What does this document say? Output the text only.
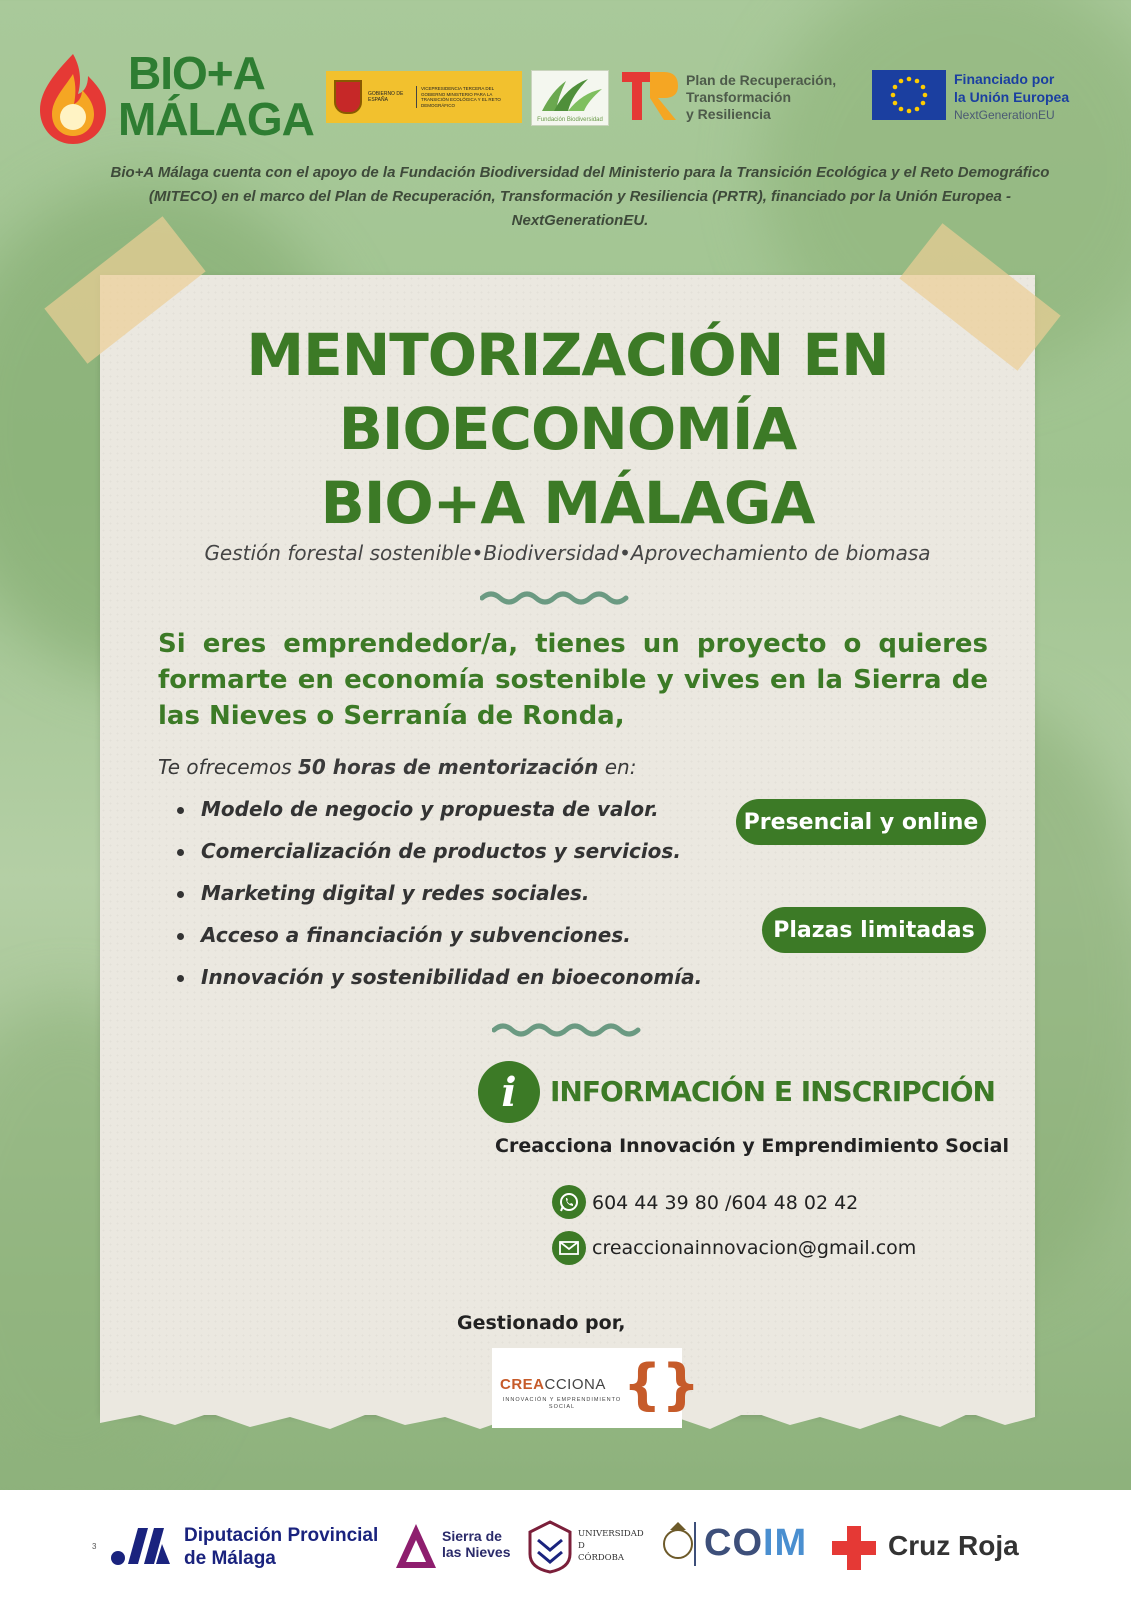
BIO+A
MÁLAGA	GOBIERNO DE ESPAÑA
VICEPRESIDENCIA TERCERA DEL GOBIERNO MINISTERIO PARA LA TRANSICIÓN ECOLÓGICA Y EL RETO DEMOGRÁFICO
Fundación Biodiversidad
Plan de Recuperación,
Transformación
y Resiliencia
Financiado por
la Unión Europea
NextGenerationEU
Bio+A Málaga cuenta con el apoyo de la Fundación Biodiversidad del Ministerio para la Transición Ecológica y el Reto Demográfico (MITECO) en el marco del Plan de Recuperación, Transformación y Resiliencia (PRTR), financiado por la Unión Europea - NextGenerationEU.
MENTORIZACIÓN EN
BIOECONOMÍA
BIO+A MÁLAGA
Gestión forestal sostenible•Biodiversidad•Aprovechamiento de biomasa
Si eres emprendedor/a, tienes un proyecto o quieres formarte en economía sostenible y vives en la Sierra de las Nieves o Serranía de Ronda,
Te ofrecemos 50 horas de mentorización en:
Modelo de negocio y propuesta de valor.
Comercialización de productos y servicios.
Marketing digital y redes sociales.
Acceso a financiación y subvenciones.
Innovación y sostenibilidad en bioeconomía.
Presencial y online
Plazas limitadas
i	INFORMACIÓN E INSCRIPCIÓN
Creacciona Innovación y Emprendimiento Social
604 44 39 80 /604 48 02 42
creaccionainnovacion@gmail.com
Gestionado por,
CREACCIONA
INNOVACIÓN Y EMPRENDIMIENTO SOCIAL {}
3
Diputación Provincial
de Málaga
Sierra de
las Nieves
UNIVERSIDAD
D
CÓRDOBA	COIM	Cruz Roja
